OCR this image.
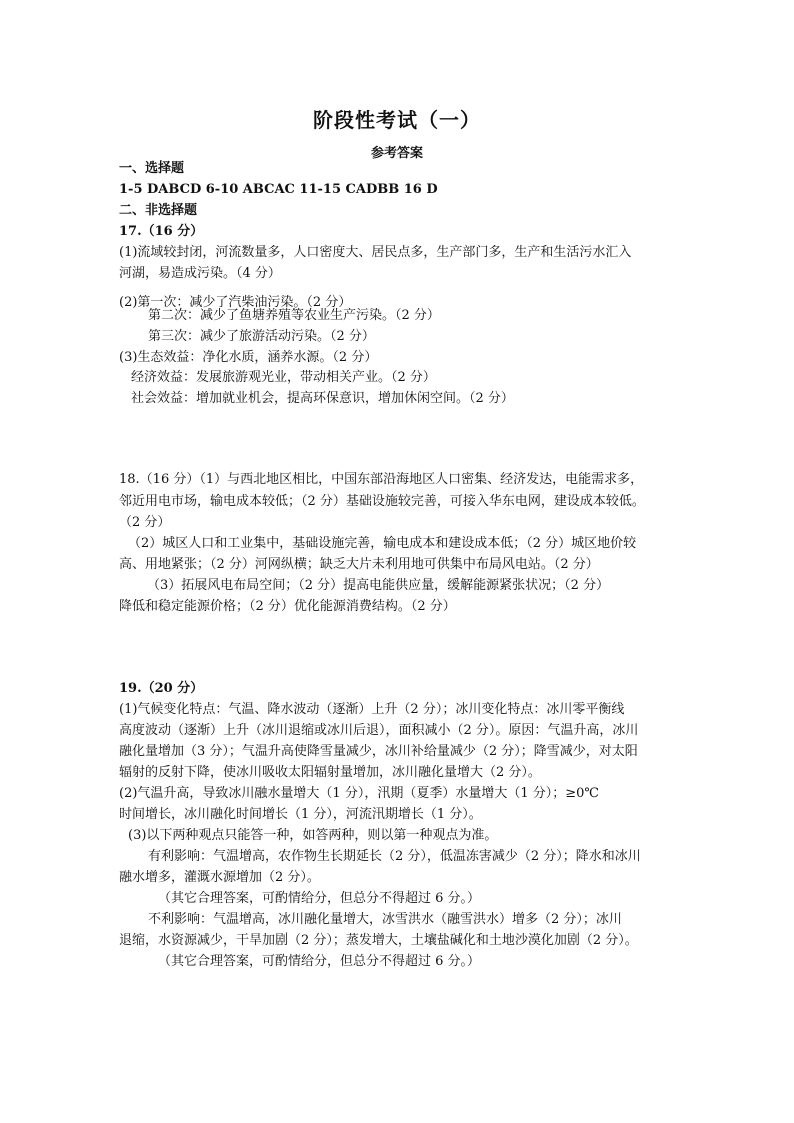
阶段性考试（一）
参考答案
一、选择题
1-5 DABCD 6-10 ABCAC 11-15 CADBB 16 D
二、非选择题
17.（16 分）
(1)流域较封闭，河流数量多，人口密度大、居民点多，生产部门多，生产和生活污水汇入
河湖，易造成污染。（4 分）
(2)第一次：减少了汽柴油污染。（2 分）
第二次：减少了鱼塘养殖等农业生产污染。（2 分）
第三次：减少了旅游活动污染。（2 分）
(3)生态效益：净化水质，涵养水源。（2 分）
经济效益：发展旅游观光业，带动相关产业。（2 分）
社会效益：增加就业机会，提高环保意识，增加休闲空间。（2 分）
18.（16 分）（1）与西北地区相比，中国东部沿海地区人口密集、经济发达，电能需求多，
邻近用电市场，输电成本较低；（2 分）基础设施较完善，可接入华东电网，建设成本较低。
（2 分）
（2）城区人口和工业集中，基础设施完善，输电成本和建设成本低；（2 分）城区地价较
高、用地紧张；（2 分）河网纵横；缺乏大片未利用地可供集中布局风电站。（2 分）
（3）拓展风电布局空间；（2 分）提高电能供应量，缓解能源紧张状况；（2 分）
降低和稳定能源价格；（2 分）优化能源消费结构。（2 分）
19.（20 分）
(1)气候变化特点：气温、降水波动（逐渐）上升（2 分）；冰川变化特点：冰川零平衡线
高度波动（逐渐）上升（冰川退缩或冰川后退），面积减小（2 分）。原因：气温升高，冰川
融化量增加（3 分）；气温升高使降雪量减少，冰川补给量减少（2 分）；降雪减少，对太阳
辐射的反射下降，使冰川吸收太阳辐射量增加，冰川融化量增大（2 分）。
(2)气温升高，导致冰川融水量增大（1 分），汛期（夏季）水量增大（1 分）；≥0℃
时间增长，冰川融化时间增长（1 分），河流汛期增长（1 分）。
(3)以下两种观点只能答一种，如答两种，则以第一种观点为准。
有利影响：气温增高，农作物生长期延长（2 分），低温冻害减少（2 分）；降水和冰川
融水增多，灌溉水源增加（2 分）。
（其它合理答案，可酌情给分，但总分不得超过 6 分。）
不利影响：气温增高，冰川融化量增大，冰雪洪水（融雪洪水）增多（2 分）；冰川
退缩，水资源减少，干旱加剧（2 分）；蒸发增大，土壤盐碱化和土地沙漠化加剧（2 分）。
（其它合理答案，可酌情给分，但总分不得超过 6 分。）
